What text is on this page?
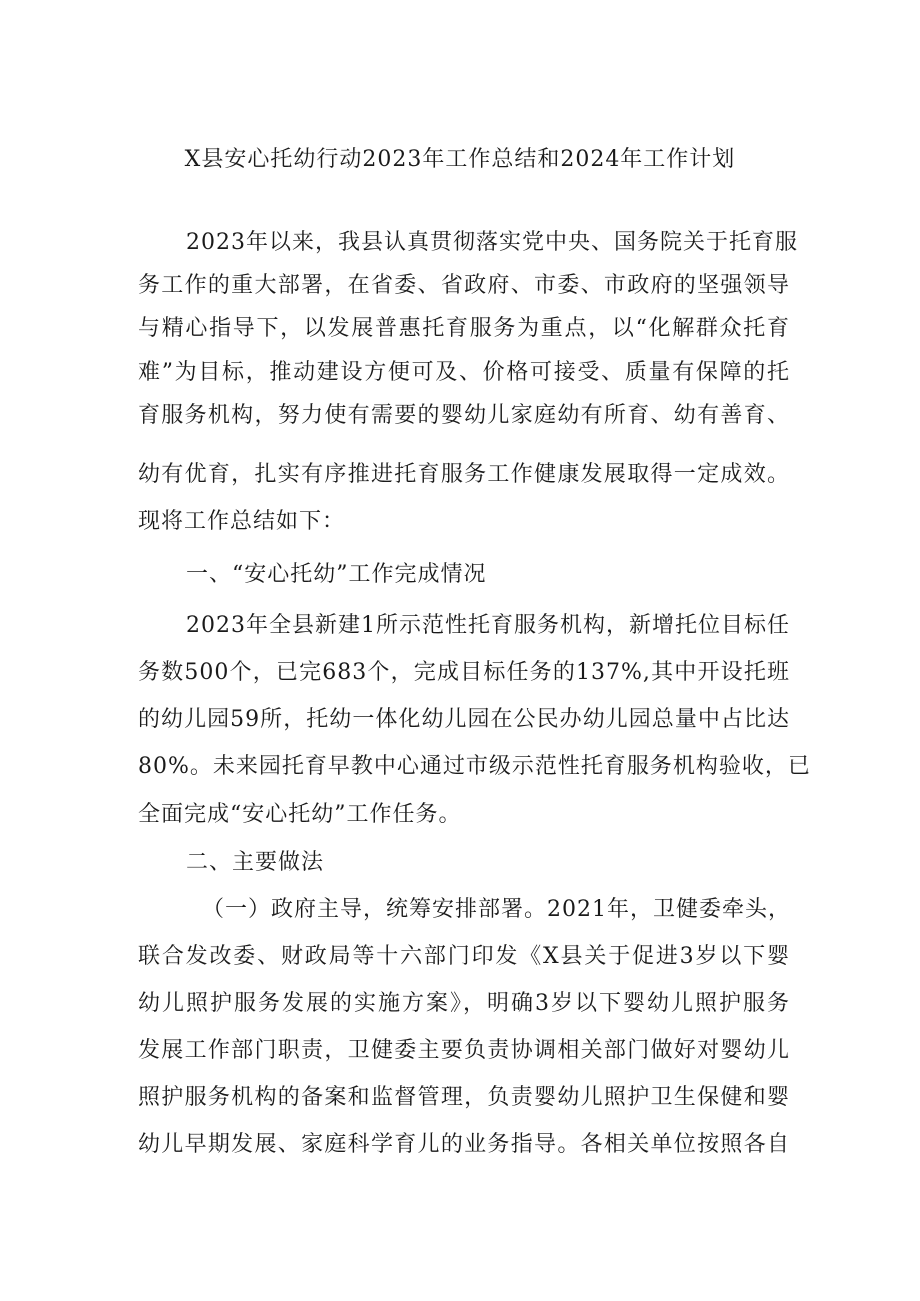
X县安心托幼行动2023年工作总结和2024年工作计划
2023年以来，我县认真贯彻落实党中央、国务院关于托育服
务工作的重大部署，在省委、省政府、市委、市政府的坚强领导
与精心指导下，以发展普惠托育服务为重点，以“化解群众托育
难”为目标，推动建设方便可及、价格可接受、质量有保障的托
育服务机构，努力使有需要的婴幼儿家庭幼有所育、幼有善育、
幼有优育，扎实有序推进托育服务工作健康发展取得一定成效。
现将工作总结如下：
一、“安心托幼”工作完成情况
2023年全县新建1所示范性托育服务机构，新增托位目标任
务数500个，已完683个，完成目标任务的137%,其中开设托班
的幼儿园59所，托幼一体化幼儿园在公民办幼儿园总量中占比达
80%。未来园托育早教中心通过市级示范性托育服务机构验收，已
全面完成“安心托幼”工作任务。
二、主要做法
（一）政府主导，统筹安排部署。2021年，卫健委牵头，
联合发改委、财政局等十六部门印发《X县关于促进3岁以下婴
幼儿照护服务发展的实施方案》，明确3岁以下婴幼儿照护服务
发展工作部门职责，卫健委主要负责协调相关部门做好对婴幼儿
照护服务机构的备案和监督管理，负责婴幼儿照护卫生保健和婴
幼儿早期发展、家庭科学育儿的业务指导。各相关单位按照各自
